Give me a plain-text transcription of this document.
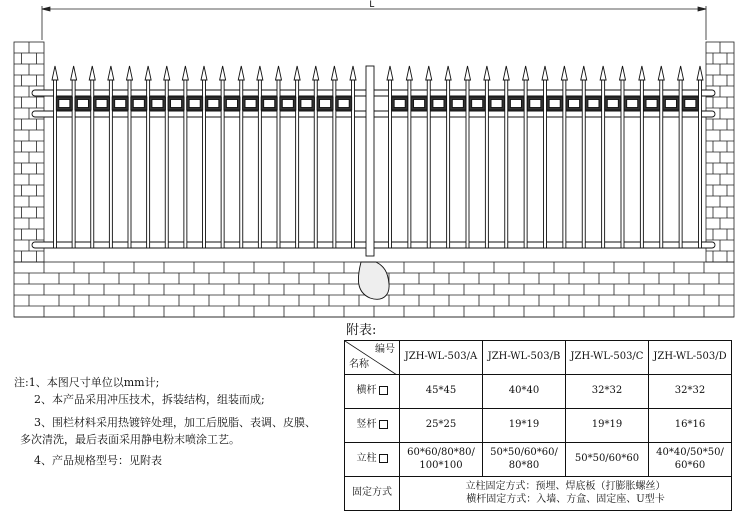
L
附表:
注:1、本图尺寸单位以mm计;
2、本产品采用冲压技术，拆装结构，组装而成;
3、围栏材料采用热镀锌处理，加工后脱脂、表调、皮膜、
多次清洗，最后表面采用静电粉末喷涂工艺。
4、产品规格型号：见附表
编号
名称	JZH-WL-503/A	JZH-WL-503/B	JZH-WL-503/C	JZH-WL-503/D
横杆	45*45	40*40	32*32	32*32
竖杆	25*25	19*19	19*19	16*16
立柱	60*60/80*80/ 100*100	50*50/60*60/ 80*80	50*50/60*60	40*40/50*50/ 60*60
固定方式	立柱固定方式：预埋、焊底板（打膨胀螺丝）
横杆固定方式：入墙、方盒、固定座、U型卡			
